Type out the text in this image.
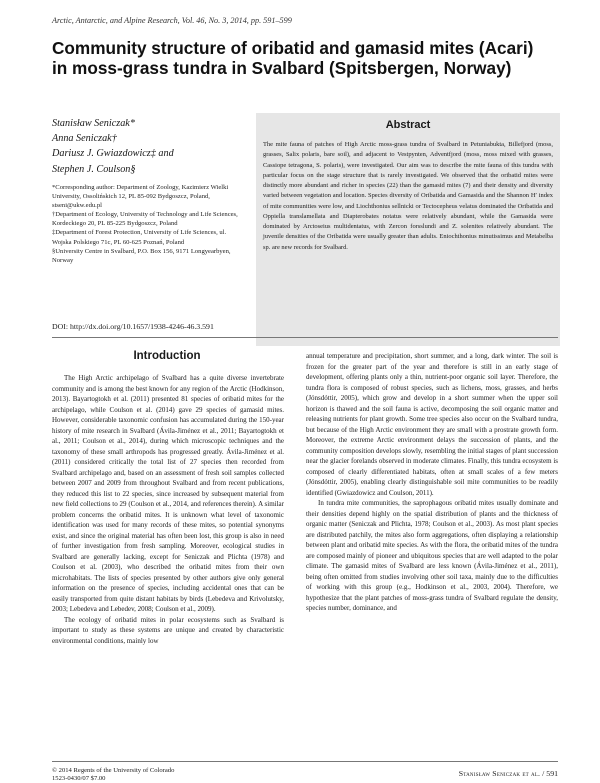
Arctic, Antarctic, and Alpine Research, Vol. 46, No. 3, 2014, pp. 591–599
Community structure of oribatid and gamasid mites (Acari) in moss-grass tundra in Svalbard (Spitsbergen, Norway)
Stanisław Seniczak*
Anna Seniczak†
Dariusz J. Gwiazdowicz‡ and
Stephen J. Coulson§

*Corresponding author: Department of Zoology, Kazimierz Wielki University, Ossolińskich 12, PL 85-092 Bydgoszcz, Poland, stseni@ukw.edu.pl

†Department of Ecology, University of Technology and Life Sciences, Kordeckiego 20, PL 85-225 Bydgoszcz, Poland

‡Department of Forest Protection, University of Life Sciences, ul. Wojska Polskiego 71c, PL 60-625 Poznań, Poland

§University Centre in Svalbard, P.O. Box 156, 9171 Longyearbyen, Norway

Abstract
The mite fauna of patches of High Arctic moss-grass tundra of Svalbard in Petuniabukta, Billefjord (moss, grasses, Salix polaris, bare soil), and adjacent to Vestpynten, Adventfjord (moss, moss mixed with grasses, Cassiope tetragona, S. polaris), were investigated. Our aim was to describe the mite fauna of this tundra with particular focus on the stage structure that is rarely investigated. We observed that the oribatid mites were distinctly more abundant and richer in species (22) than the gamasid mites (7) and their density and diversity varied between vegetation and location. Species diversity of Oribatida and Gamasida and the Shannon H′ index of mite communities were low, and Liochthonius sellnicki or Tectocepheus velatus dominated the Oribatida and Oppiella translamellata and Diapterobates notatus were relatively abundant, while the Gamasida were dominated by Arctoseius multidentatus, with Zercon forsslundi and Z. solenites relatively abundant. The juvenile densities of the Oribatida were usually greater than adults. Eniochthonius minutissimus and Metabelba sp. are new records for Svalbard.
DOI: http://dx.doi.org/10.1657/1938-4246-46.3.591
Introduction

The High Arctic archipelago of Svalbard has a quite diverse invertebrate community and is among the best known for any region of the Arctic (Hodkinson, 2013). Bayartogtokh et al. (2011) presented 81 species of oribatid mites for the archipelago, while Coulson et al. (2014) gave 29 species of gamasid mites. However, considerable taxonomic confusion has accumulated during the 150-year history of mite research in Svalbard (Ávila-Jiménez et al., 2011; Bayartogtokh et al., 2011; Coulson et al., 2014), during which microscopic techniques and the taxonomy of these small arthropods has progressed greatly. Ávila-Jiménez et al. (2011) considered critically the total list of 27 species then recorded from Svalbard archipelago and, based on an assessment of fresh soil samples collected between 2007 and 2009 from throughout Svalbard and from recent publications, they reduced this list to 22 species, since increased by subsequent material from new field collections to 29 (Coulson et al., 2014, and references therein). A similar problem concerns the oribatid mites. It is unknown what level of taxonomic identification was used for many records of these mites, so potential synonyms exist, and since the original material has often been lost, this group is also in need of further investigation from fresh sampling. Moreover, ecological studies in Svalbard are generally lacking, except for Seniczak and Plichta (1978) and Coulson et al. (2003), who described the oribatid mites from their own microhabitats. The lists of species presented by other authors give only general information on the presence of species, including accidental ones that can be easily transported from quite distant habitats by birds (Lebedeva and Krivolutsky, 2003; Lebedeva and Lebedev, 2008; Coulson et al., 2009).

The ecology of oribatid mites in polar ecosystems such as Svalbard is important to study as these systems are unique and created by characteristic environmental conditions, mainly low

annual temperature and precipitation, short summer, and a long, dark winter. The soil is frozen for the greater part of the year and therefore is still in an early stage of development, offering plants only a thin, nutrient-poor organic soil layer. Therefore, the tundra flora is composed of robust species, such as lichens, moss, grasses, and herbs (Jónsdóttir, 2005), which grow and develop in a short summer when the upper soil horizon is thawed and the soil fauna is active, decomposing the soil organic matter and releasing nutrients for plant growth. Some tree species also occur on the Svalbard tundra, but because of the High Arctic environment they are small with a prostrate growth form. Moreover, the extreme Arctic environment delays the succession of plants, and the community composition develops slowly, resembling the initial stages of plant succession near the glacier forelands observed in moderate climates. Finally, this tundra ecosystem is composed of clearly differentiated habitats, often at small scales of a few meters (Jónsdóttir, 2005), enabling clearly distinguishable soil mite communities to be readily identified (Gwiazdowicz and Coulson, 2011).

In tundra mite communities, the saprophagous oribatid mites usually dominate and their densities depend highly on the spatial distribution of plants and the thickness of organic matter (Seniczak and Plichta, 1978; Coulson et al., 2003). As most plant species are distributed patchily, the mites also form aggregations, often displaying a relationship between plant and oribatid mite species. As with the flora, the oribatid mites of the tundra are composed mainly of pioneer and ubiquitous species that are well adapted to the polar climate. The gamasid mites of Svalbard are less known (Ávila-Jiménez et al., 2011), being often omitted from studies involving other soil taxa, mainly due to the difficulties of working with this group (e.g., Hodkinson et al., 2003, 2004). Therefore, we hypothesize that the plant patches of moss-grass tundra of Svalbard regulate the density, species number, dominance, and

© 2014 Regents of the University of Colorado
1523-0430/07 $7.00
Stanisław Seniczak et al. / 591
